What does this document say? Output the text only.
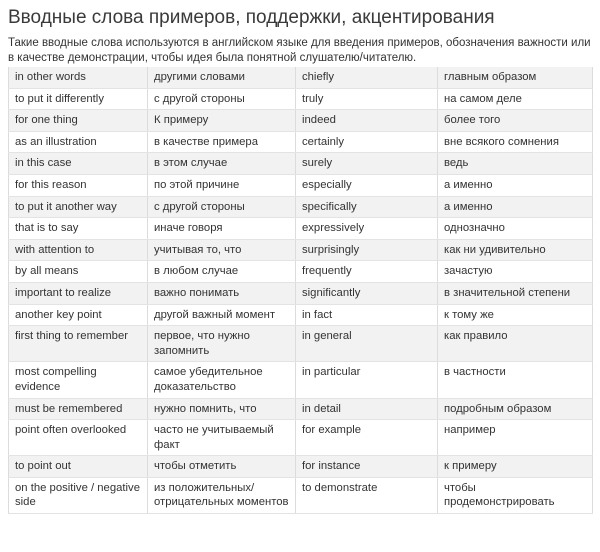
Вводные слова примеров, поддержки, акцентирования
Такие вводные слова используются в английском языке для введения примеров, обозначения важности или в качестве демонстрации, чтобы идея была понятной слушателю/читателю.
in other words	другими словами	chiefly	главным образом
to put it differently	с другой стороны	truly	на самом деле
for one thing	К примеру	indeed	более того
as an illustration	в качестве примера	certainly	вне всякого сомнения
in this case	в этом случае	surely	ведь
for this reason	по этой причине	especially	а именно
to put it another way	с другой стороны	specifically	а именно
that is to say	иначе говоря	expressively	однозначно
with attention to	учитывая то, что	surprisingly	как ни удивительно
by all means	в любом случае	frequently	зачастую
important to realize	важно понимать	significantly	в значительной степени
another key point	другой важный момент	in fact	к тому же
first thing to remember	первое, что нужно запомнить	in general	как правило
most compelling evidence	самое убедительное доказательство	in particular	в частности
must be remembered	нужно помнить, что	in detail	подробным образом
point often overlooked	часто не учитываемый факт	for example	например
to point out	чтобы отметить	for instance	к примеру
on the positive / negative side	из положительных/ отрицательных моментов	to demonstrate	чтобы продемонстрировать
